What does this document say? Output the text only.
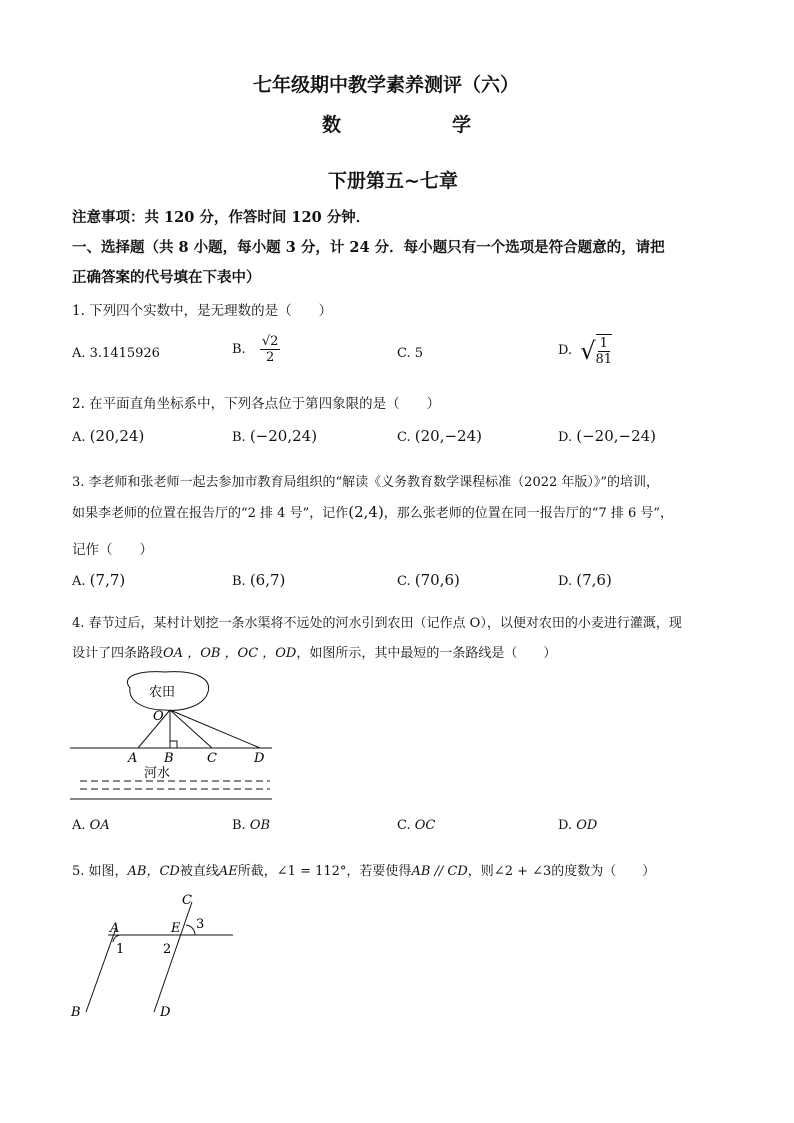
七年级期中教学素养测评（六）
数	学
下册第五~七章
注意事项：共 120 分，作答时间 120 分钟．
一、选择题（共 8 小题，每小题 3 分，计 24 分．每小题只有一个选项是符合题意的，请把
正确答案的代号填在下表中）
1. 下列四个实数中，是无理数的是（　　）
A. 3.1415926	B. $\frac{√2}{2}$	C. 5	D. √ $\frac{1}{81}$
2. 在平面直角坐标系中，下列各点位于第四象限的是（　　）
A. (20,24)	B. (−20,24)	C. (20,−24)	D. (−20,−24)
3. 李老师和张老师一起去参加市教育局组织的“解读《义务教育数学课程标准（2022 年版）》”的培训，
如果李老师的位置在报告厅的“2 排 4 号”，记作(2,4)，那么张老师的位置在同一报告厅的“7 排 6 号”，
记作（　　）
A. (7,7)	B. (6,7)	C. (70,6)	D. (7,6)
4. 春节过后，某村计划挖一条水渠将不远处的河水引到农田（记作点 O），以便对农田的小麦进行灌溉，现
设计了四条路段OA ，OB ，OC ，OD，如图所示，其中最短的一条路线是（　　）
农田
O
A B	C	D
河水
A. OA	B. OB	C. OC	D. OD
5. 如图，AB，CD被直线AE所截，∠1 = 112°，若要使得AB // CD，则∠2 + ∠3的度数为（　　）
C
A	E 3
1	2
B	D
